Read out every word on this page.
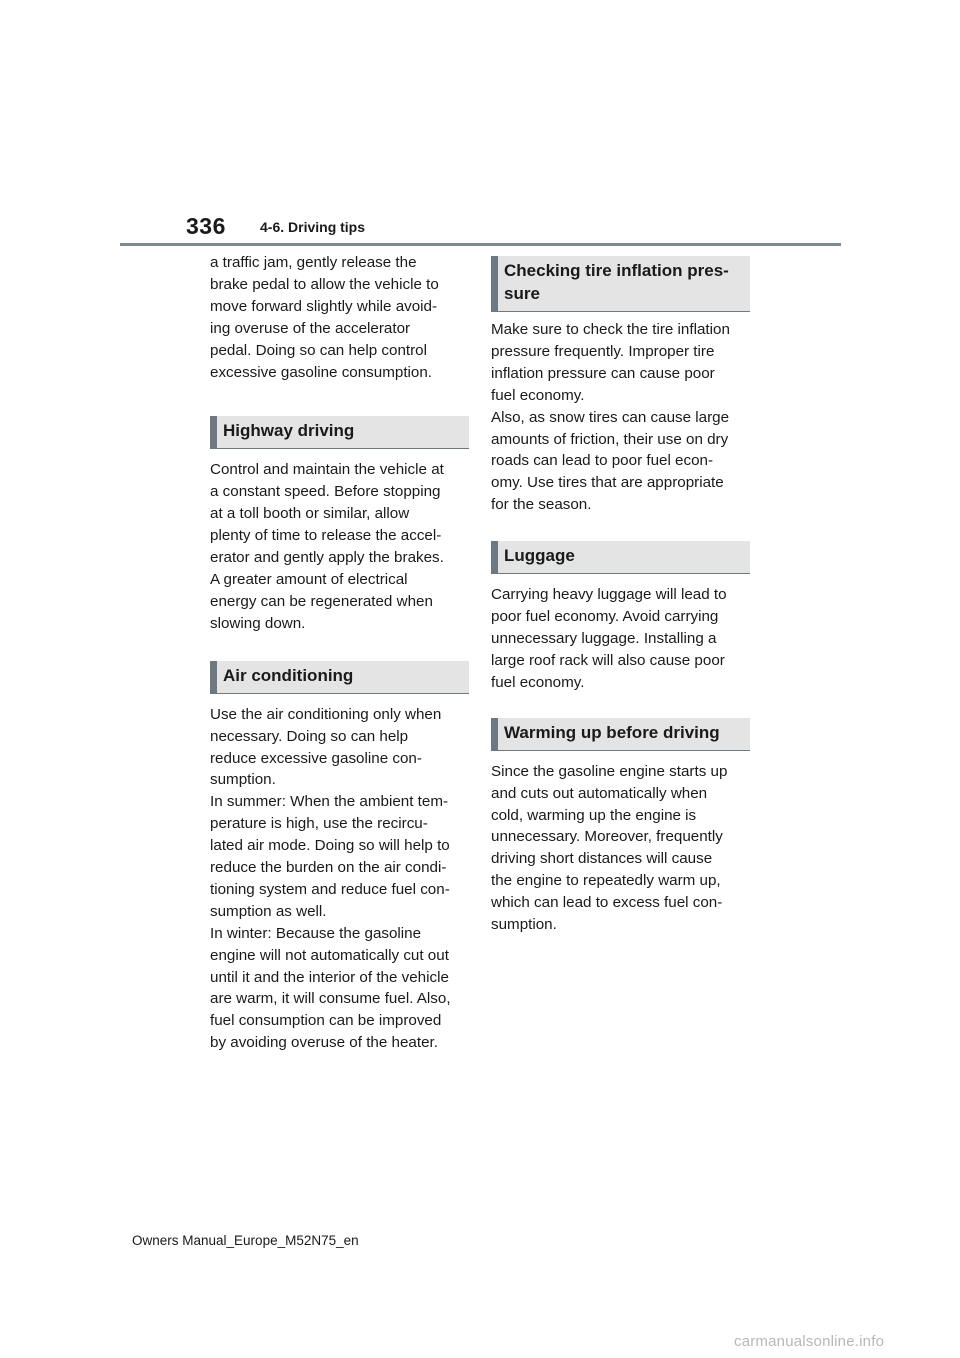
336 4-6. Driving tips

a traffic jam, gently release the
brake pedal to allow the vehicle to
move forward slightly while avoid-
ing overuse of the accelerator
pedal. Doing so can help control
excessive gasoline consumption.

Highway driving

Control and maintain the vehicle at
a constant speed. Before stopping
at a toll booth or similar, allow
plenty of time to release the accel-
erator and gently apply the brakes.
A greater amount of electrical
energy can be regenerated when
slowing down.

Air conditioning

Use the air conditioning only when
necessary. Doing so can help
reduce excessive gasoline con-
sumption.
In summer: When the ambient tem-
perature is high, use the recircu-
lated air mode. Doing so will help to
reduce the burden on the air condi-
tioning system and reduce fuel con-
sumption as well.
In winter: Because the gasoline
engine will not automatically cut out
until it and the interior of the vehicle
are warm, it will consume fuel. Also,
fuel consumption can be improved
by avoiding overuse of the heater.

Checking tire inflation pres-
sure

Make sure to check the tire inflation
pressure frequently. Improper tire
inflation pressure can cause poor
fuel economy.
Also, as snow tires can cause large
amounts of friction, their use on dry
roads can lead to poor fuel econ-
omy. Use tires that are appropriate
for the season.

Luggage

Carrying heavy luggage will lead to
poor fuel economy. Avoid carrying
unnecessary luggage. Installing a
large roof rack will also cause poor
fuel economy.

Warming up before driving

Since the gasoline engine starts up
and cuts out automatically when
cold, warming up the engine is
unnecessary. Moreover, frequently
driving short distances will cause
the engine to repeatedly warm up,
which can lead to excess fuel con-
sumption.

Owners Manual_Europe_M52N75_en
carmanualsonline.info
